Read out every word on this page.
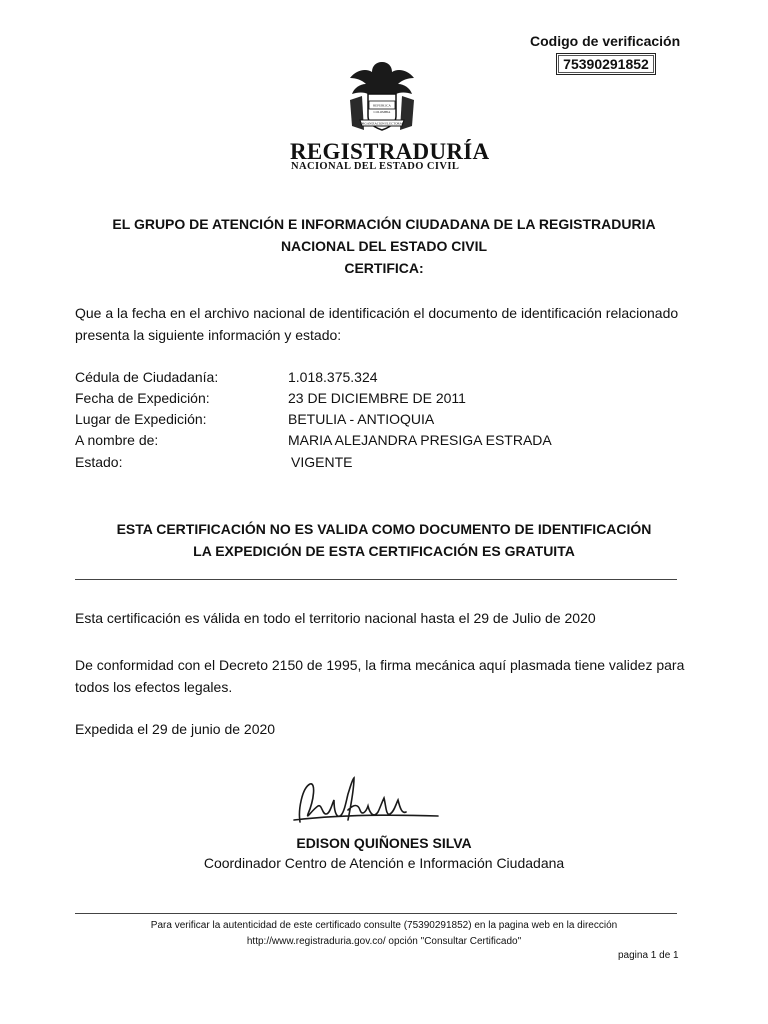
Codigo de verificación
75390291852
REPUBLICA
COLOMBIA
ORGANIZACION ELECTORAL
REGISTRADURÍA
NACIONAL DEL ESTADO CIVIL
EL GRUPO DE ATENCIÓN E INFORMACIÓN CIUDADANA DE LA REGISTRADURIA
NACIONAL DEL ESTADO CIVIL
CERTIFICA:
Que a la fecha en el archivo nacional de identificación el documento de identificación relacionado
presenta la siguiente información y estado:
Cédula de Ciudadanía:	1.018.375.324
Fecha de Expedición:	23 DE DICIEMBRE DE 2011
Lugar de Expedición:	BETULIA - ANTIOQUIA
A nombre de:	MARIA ALEJANDRA PRESIGA ESTRADA
Estado:	VIGENTE
ESTA CERTIFICACIÓN NO ES VALIDA COMO DOCUMENTO DE IDENTIFICACIÓN
LA EXPEDICIÓN DE ESTA CERTIFICACIÓN ES GRATUITA
Esta certificación es válida en todo el territorio nacional hasta el 29 de Julio de 2020
De conformidad con el Decreto 2150 de 1995, la firma mecánica aquí plasmada tiene validez para
todos los efectos legales.
Expedida el 29 de junio de 2020
EDISON QUIÑONES SILVA
Coordinador Centro de Atención e Información Ciudadana
Para verificar la autenticidad de este certificado consulte (75390291852) en la pagina web en la dirección
http://www.registraduria.gov.co/ opción "Consultar Certificado"
pagina 1 de 1
